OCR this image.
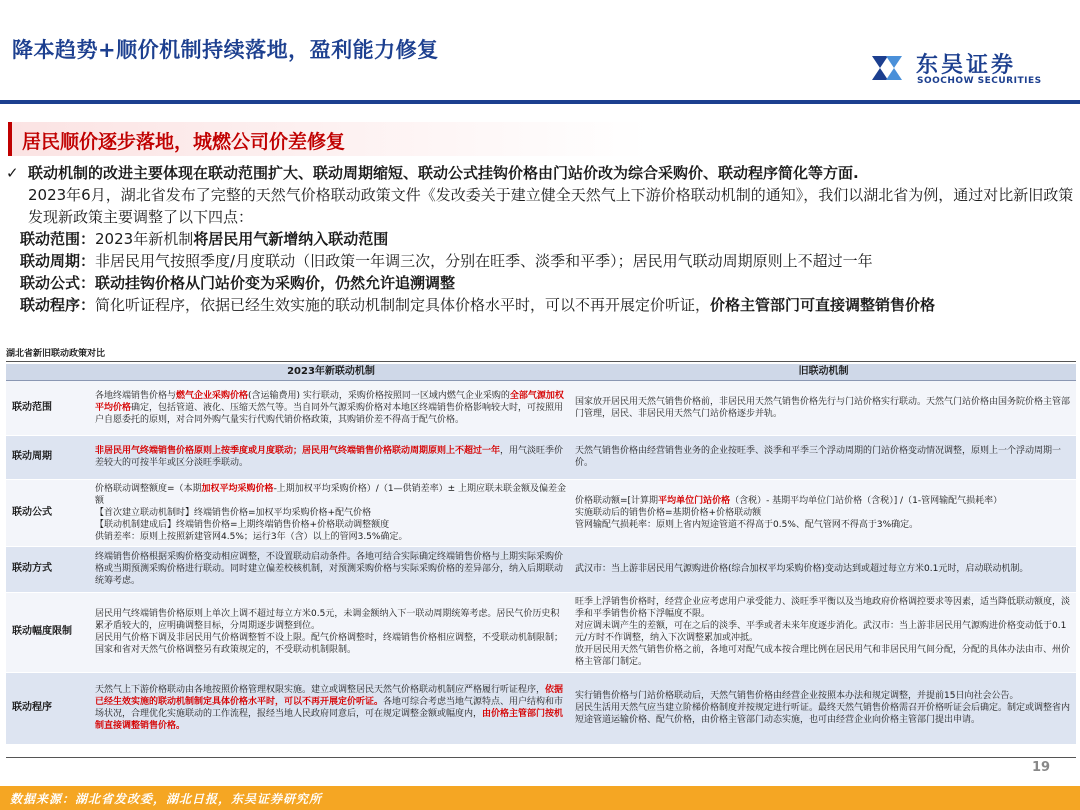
降本趋势+顺价机制持续落地，盈利能力修复
东吴证券
SOOCHOW SECURITIES
居民顺价逐步落地，城燃公司价差修复
✓ 联动机制的改进主要体现在联动范围扩大、联动周期缩短、联动公式挂钩价格由门站价改为综合采购价、联动程序简化等方面.
2023年6月，湖北省发布了完整的天然气价格联动政策文件《发改委关于建立健全天然气上下游价格联动机制的通知》，我们以湖北省为例，通过对比新旧政策发现新政策主要调整了以下四点：
联动范围：2023年新机制将居民用气新增纳入联动范围
联动周期：非居民用气按照季度/月度联动（旧政策一年调三次，分别在旺季、淡季和平季）；居民用气联动周期原则上不超过一年
联动公式：联动挂钩价格从门站价变为采购价，仍然允许追溯调整
联动程序：简化听证程序，依据已经生效实施的联动机制制定具体价格水平时，可以不再开展定价听证，价格主管部门可直接调整销售价格
湖北省新旧联动政策对比
	2023年新联动机制	旧联动机制
联动范围	各地终端销售价格与燃气企业采购价格(含运输费用) 实行联动，采购价格按照同一区域内燃气企业采购的全部气源加权平均价格确定，包括管道、液化、压缩天然气等。当自同外气源采购价格对本地区终端销售价格影响较大时，可按照用户自愿委托的原则，对合同外购气量实行代购代销价格政策，其购销价差不得高于配气价格。	国家放开居民用天然气销售价格前，非居民用天然气销售价格先行与门站价格实行联动。天然气门站价格由国务院价格主管部门管理，居民、非居民用天然气门站价格逐步并轨。
联动周期	非居民用气终端销售价格原则上按季度或月度联动；居民用气终端销售价格联动周期原则上不超过一年，用气淡旺季价差较大的可按半年或区分淡旺季联动。	天然气销售价格由经营销售业务的企业按旺季、淡季和平季三个浮动周期的门站价格变动情况调整，原则上一个浮动周期一价。
联动公式	价格联动调整额度=（本期加权平均采购价格-上期加权平均采购价格）/（1—供销差率）± 上期应联未联金额及偏差金额
【首次建立联动机制时】终端销售价格=加权平均采购价格+配气价格
【联动机制建成后】终端销售价格=上期终端销售价格+价格联动调整额度
供销差率：原则上按照新建管网4.5%；运行3年（含）以上的管网3.5%确定。	价格联动额=[计算期平均单位门站价格（含税）- 基期平均单位门站价格（含税）] /（1-管网输配气损耗率）
实施联动后的销售价格=基期价格+价格联动额
管网输配气损耗率：原则上省内短途管道不得高于0.5%、配气管网不得高于3%确定。
联动方式	终端销售价格根据采购价格变动相应调整，不设置联动启动条件。各地可结合实际确定终端销售价格与上期实际采购价格或当期预测采购价格进行联动。同时建立偏差校核机制，对预测采购价格与实际采购价格的差异部分，纳入后期联动统筹考虑。	武汉市：当上游非居民用气源购进价格(综合加权平均采购价格)变动达到或超过每立方米0.1元时，启动联动机制。
联动幅度限制	居民用气终端销售价格原则上单次上调不超过每立方米0.5元，未调金额纳入下一联动周期统筹考虑。居民气价历史积累矛盾较大的，应明确调整目标，分周期逐步调整到位。
居民用气价格下调及非居民用气价格调整暂不设上限。配气价格调整时，终端销售价格相应调整，不受联动机制限制；国家和省对天然气价格调整另有政策规定的，不受联动机制限制。	旺季上浮销售价格时，经营企业应考虑用户承受能力、淡旺季平衡以及当地政府价格调控要求等因素，适当降低联动额度，淡季和平季销售价格下浮幅度不限。
对应调未调产生的差额，可在之后的淡季、平季或者未来年度逐步消化。武汉市：当上游非居民用气源购进价格变动低于0.1元/方时不作调整，纳入下次调整累加或冲抵。
放开居民用天然气销售价格之前，各地可对配气成本按合理比例在居民用气和非居民用气间分配，分配的具体办法由市、州价格主管部门制定。
联动程序	天然气上下游价格联动由各地按照价格管理权限实施。建立或调整居民天然气价格联动机制应严格履行听证程序，依据已经生效实施的联动机制制定具体价格水平时，可以不再开展定价听证。各地可综合考虑当地气源特点、用户结构和市场状况，合理优化实施联动的工作流程，报经当地人民政府同意后，可在规定调整金额或幅度内，由价格主管部门按机制直接调整销售价格。	实行销售价格与门站价格联动后，天然气销售价格由经营企业按照本办法和规定调整，并提前15日向社会公告。
居民生活用天然气应当建立阶梯价格制度并按规定进行听证。最终天然气销售价格需召开价格听证会后确定。制定或调整省内短途管道运输价格、配气价格，由价格主管部门动态实施，也可由经营企业向价格主管部门提出申请。
19
数据来源：湖北省发改委，湖北日报，东吴证券研究所
